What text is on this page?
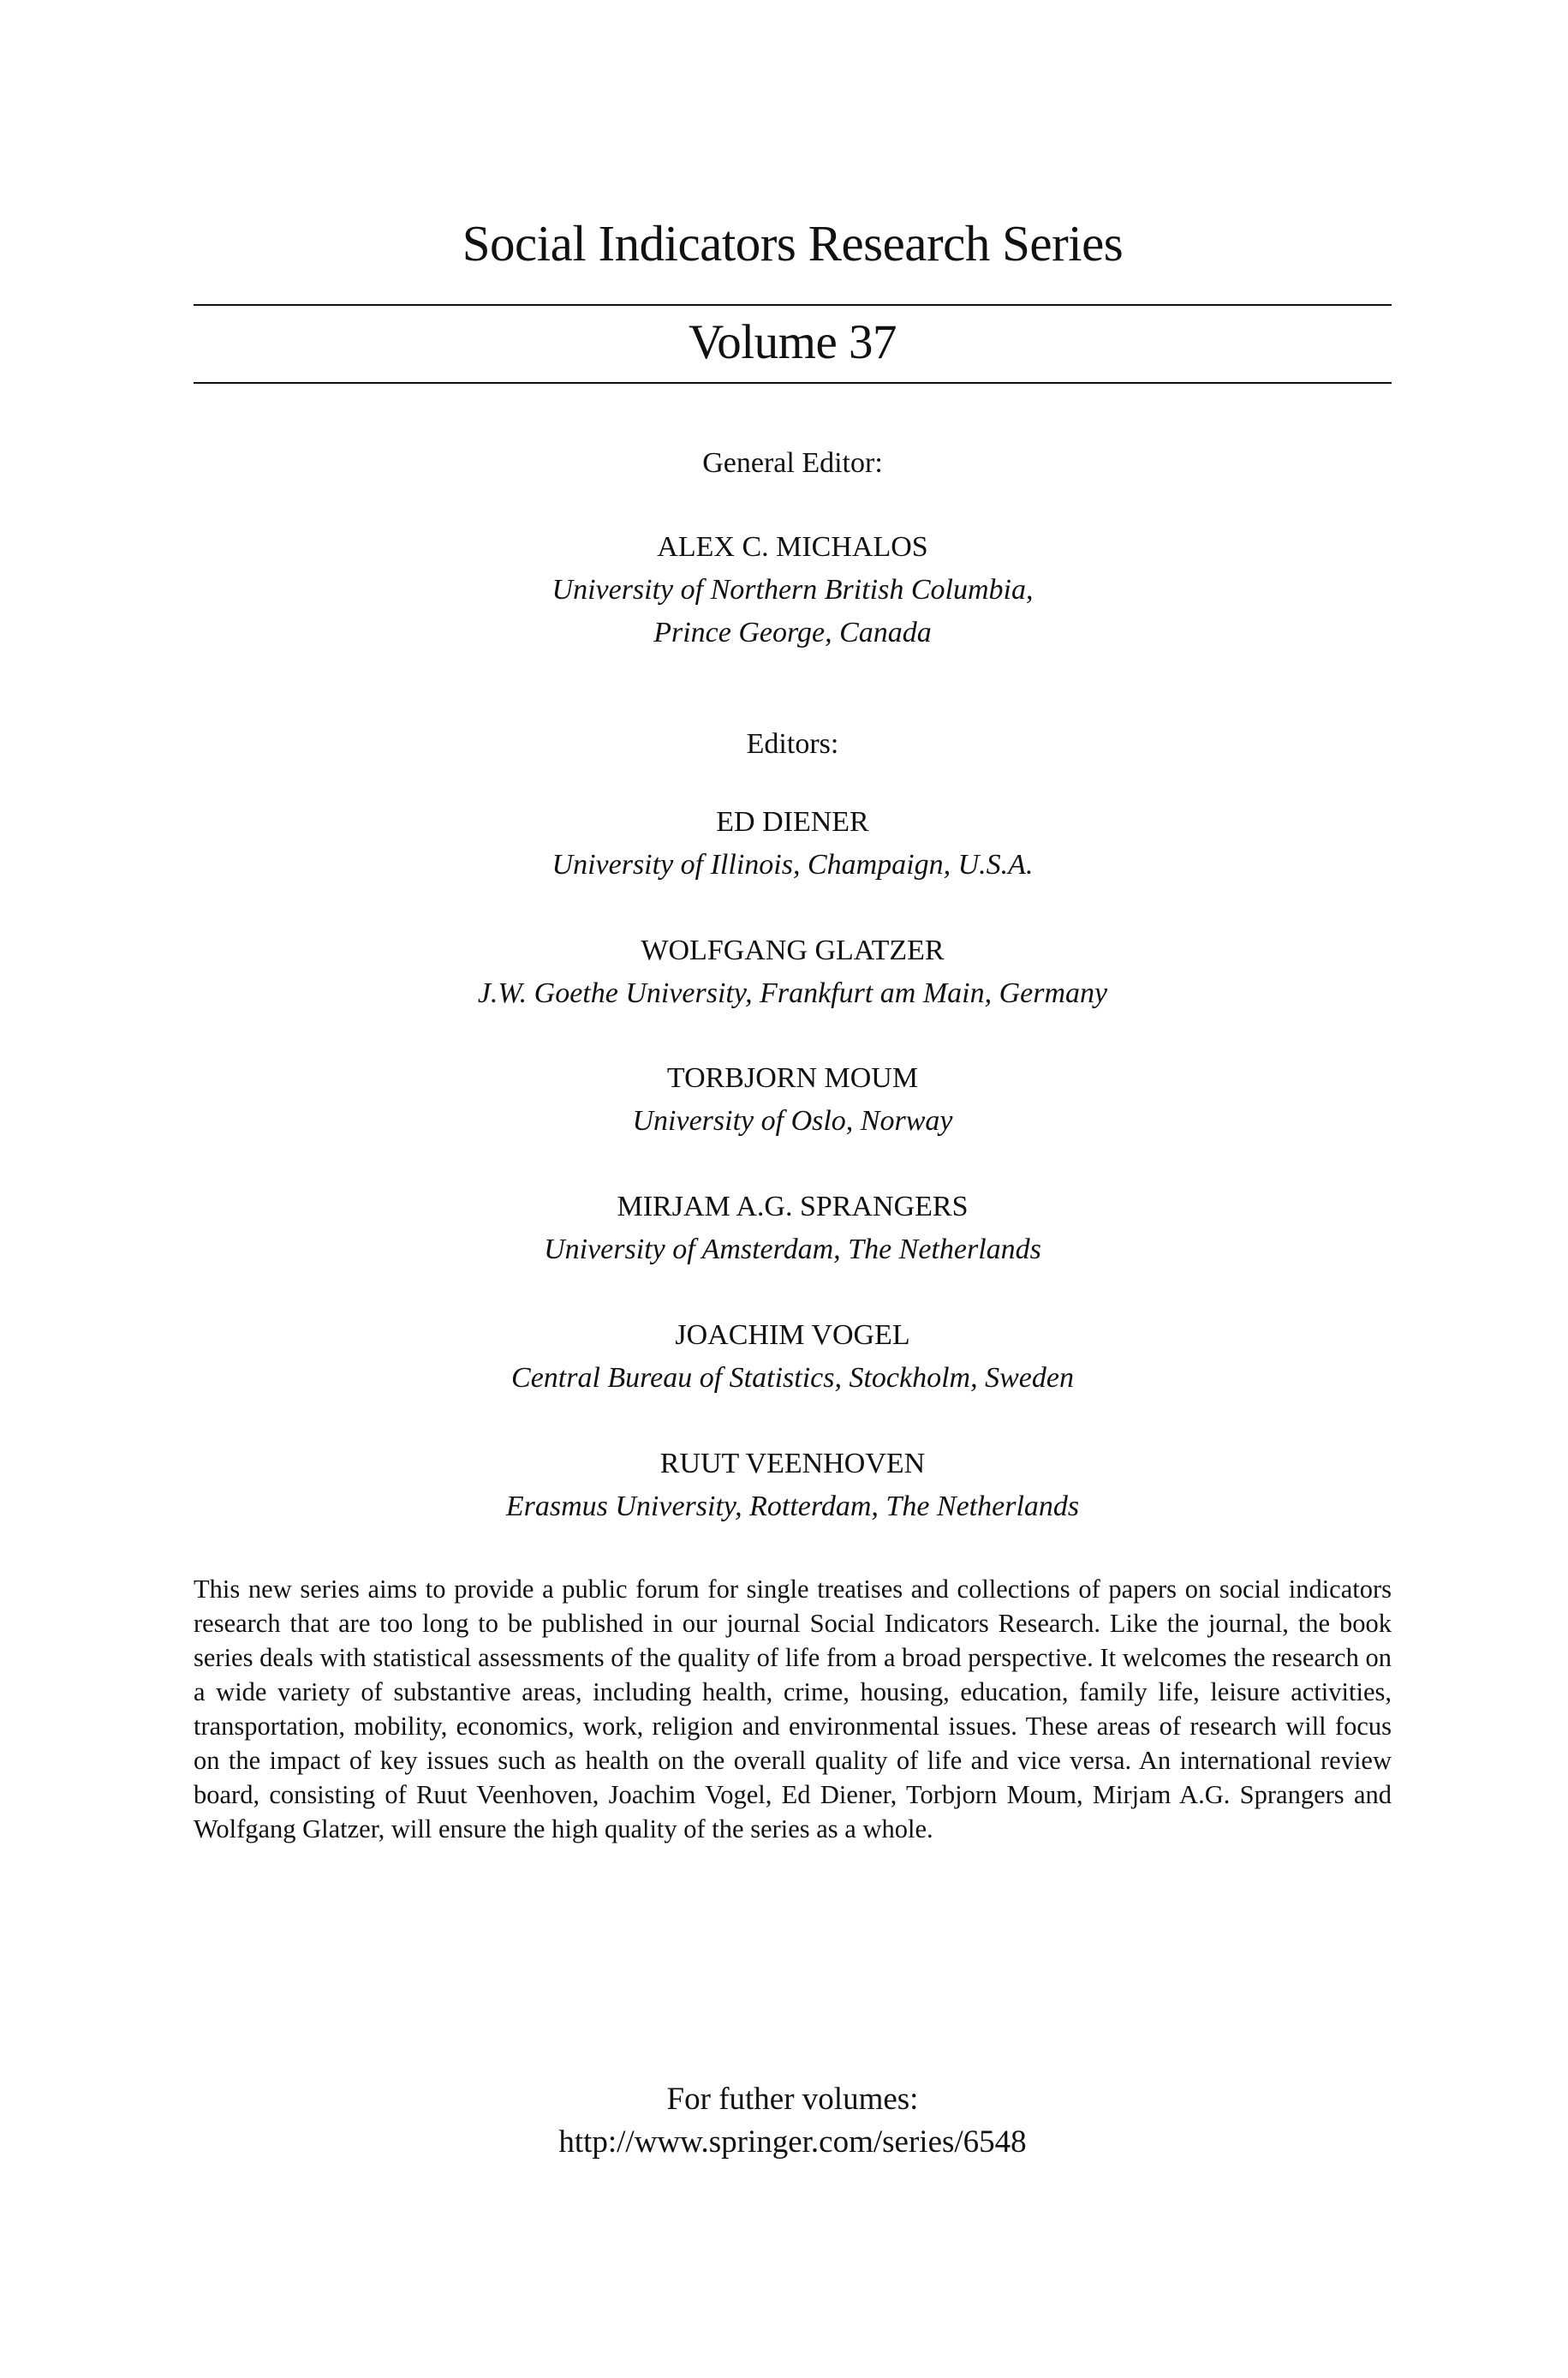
Social Indicators Research Series
Volume 37

General Editor:

ALEX C. MICHALOS

University of Northern British Columbia,

Prince George, Canada

Editors:

ED DIENER

University of Illinois, Champaign, U.S.A.

WOLFGANG GLATZER

J.W. Goethe University, Frankfurt am Main, Germany

TORBJORN MOUM

University of Oslo, Norway

MIRJAM A.G. SPRANGERS

University of Amsterdam, The Netherlands

JOACHIM VOGEL

Central Bureau of Statistics, Stockholm, Sweden

RUUT VEENHOVEN

Erasmus University, Rotterdam, The Netherlands

This new series aims to provide a public forum for single treatises and collections of papers on social indicators research that are too long to be published in our journal Social Indicators Research. Like the journal, the book series deals with statistical assessments of the quality of life from a broad perspective. It welcomes the research on a wide variety of substantive areas, including health, crime, housing, education, family life, leisure activities, transportation, mobility, economics, work, religion and environmental issues. These areas of research will focus on the impact of key issues such as health on the overall quality of life and vice versa. An international review board, consisting of Ruut Veenhoven, Joachim Vogel, Ed Diener, Torbjorn Moum, Mirjam A.G. Sprangers and Wolfgang Glatzer, will ensure the high quality of the series as a whole.

For futher volumes:

http://www.springer.com/series/6548
